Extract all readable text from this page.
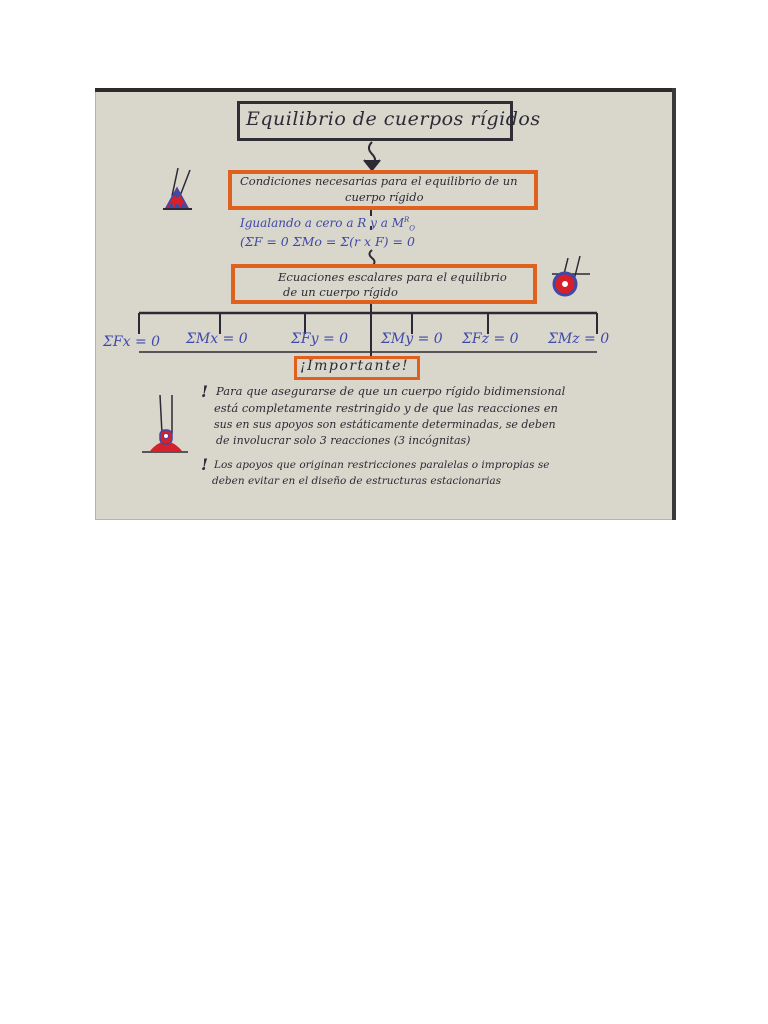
Equilibrio de cuerpos rígidos
Condiciones necesarias para el equilibrio de un
cuerpo rígido
Igualando a cero a R y a $M^R_O$
(ΣF = 0 ΣMo = Σ(r x F) = 0
Ecuaciones escalares para el equilibrio
de un cuerpo rígido
ΣFx = 0 ΣMx = 0	ΣFy = 0 ΣMy = 0 ΣFz = 0 ΣMz = 0
¡Importante!
! Para que asegurarse de que un cuerpo rígido bidimensional
está completamente restringido y de que las reacciones en
sus en sus apoyos son estáticamente determinadas, se deben
de involucrar solo 3 reacciones (3 incógnitas)
! Los apoyos que originan restricciones paralelas o impropias se
deben evitar en el diseño de estructuras estacionarias
